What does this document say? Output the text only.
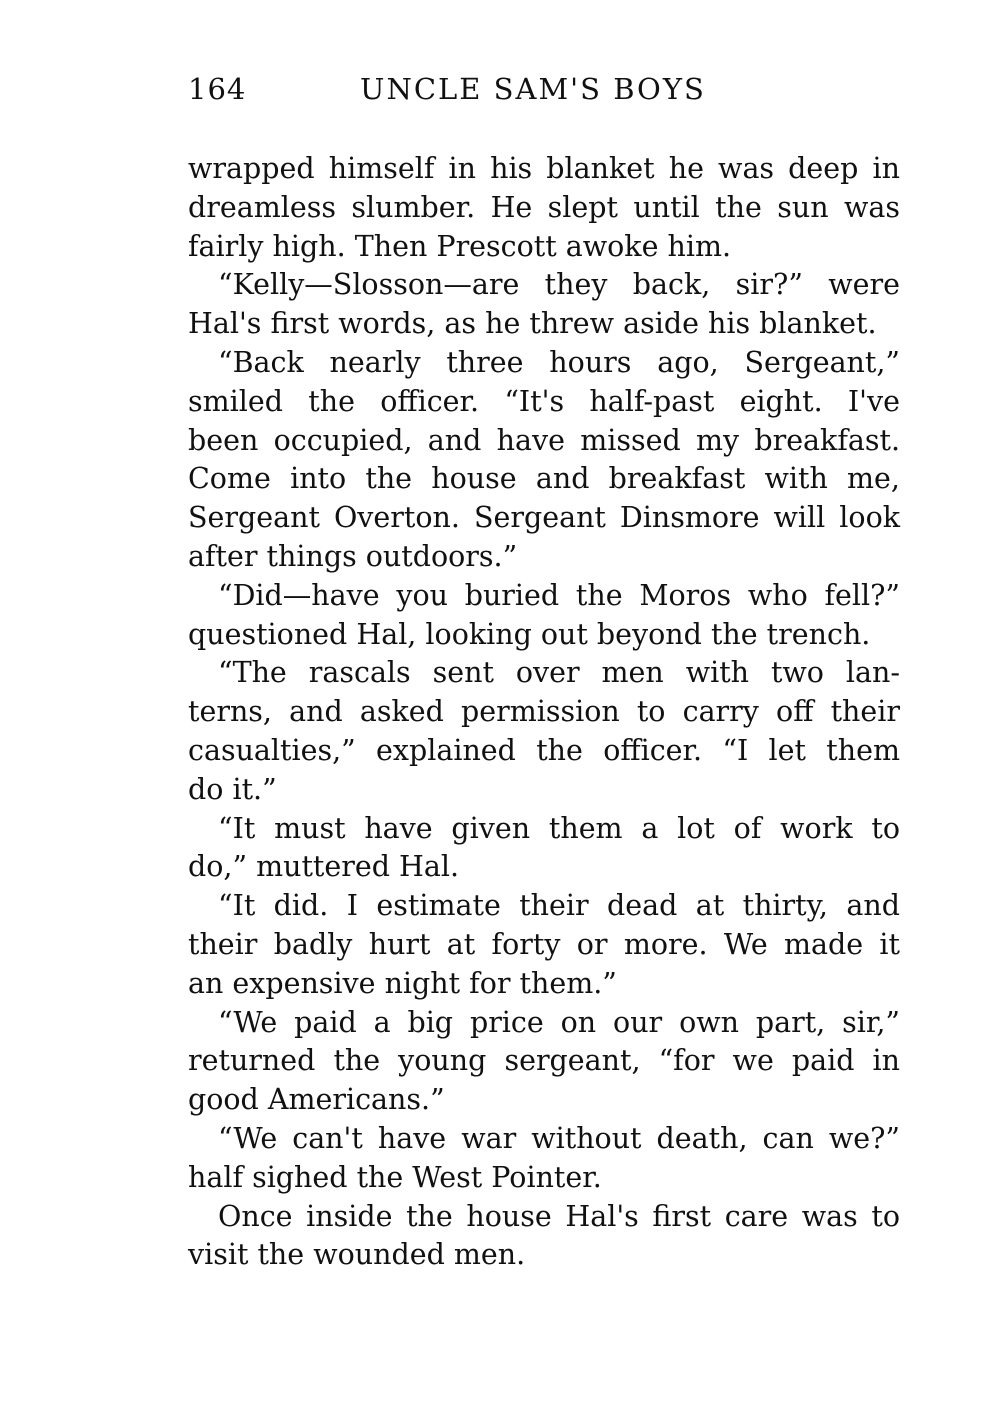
164	UNCLE SAM'S BOYS
wrapped himself in his blanket he was deep in
dreamless slumber. He slept until the sun was
fairly high. Then Prescott awoke him.
“Kelly—Slosson—are they back, sir?” were
Hal's first words, as he threw aside his blanket.
“Back nearly three hours ago, Sergeant,”
smiled the officer. “It's half-past eight. I've
been occupied, and have missed my breakfast.
Come into the house and breakfast with me,
Sergeant Overton. Sergeant Dinsmore will look
after things outdoors.”
“Did—have you buried the Moros who fell?”
questioned Hal, looking out beyond the trench.
“The rascals sent over men with two lan-
terns, and asked permission to carry off their
casualties,” explained the officer. “I let them
do it.”
“It must have given them a lot of work to
do,” muttered Hal.
“It did. I estimate their dead at thirty, and
their badly hurt at forty or more. We made it
an expensive night for them.”
“We paid a big price on our own part, sir,”
returned the young sergeant, “for we paid in
good Americans.”
“We can't have war without death, can we?”
half sighed the West Pointer.
Once inside the house Hal's first care was to
visit the wounded men.
